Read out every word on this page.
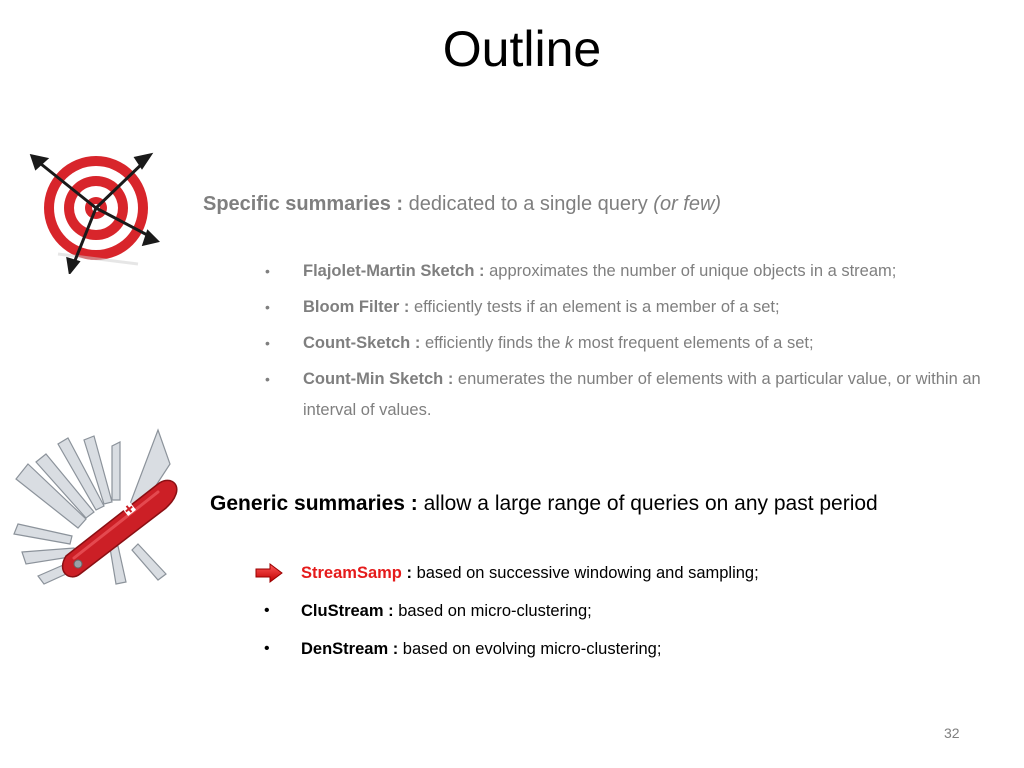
Outline
Specific summaries : dedicated to a single query (or few)
• Flajolet-Martin Sketch : approximates the number of unique objects in a stream;
• Bloom Filter : efficiently tests if an element is a member of a set;
• Count-Sketch : efficiently finds the k most frequent elements of a set;
• Count-Min Sketch : enumerates the number of elements with a particular value, or within an interval of values.
Generic summaries : allow a large range of queries on any past period
StreamSamp : based on successive windowing and sampling;
• CluStream : based on micro-clustering;
• DenStream : based on evolving micro-clustering;
32
